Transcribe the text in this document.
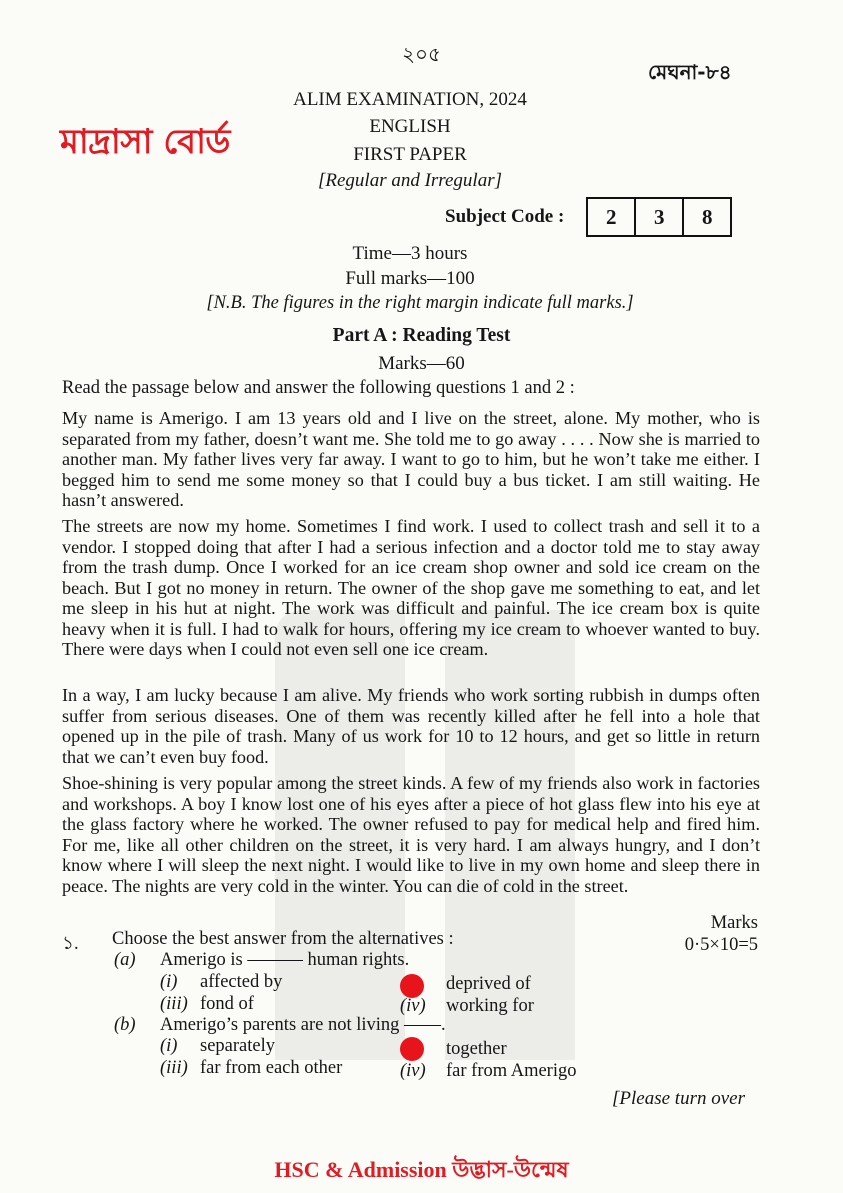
২০৫
মেঘনা-৮৪
মাদ্রাসা বোর্ড
ALIM EXAMINATION, 2024
ENGLISH
FIRST PAPER
[Regular and Irregular]
Subject Code :	2	3	8
Time—3 hours
Full marks—100
[N.B. The figures in the right margin indicate full marks.]
Part A : Reading Test
Marks—60
Read the passage below and answer the following questions 1 and 2 :

My name is Amerigo. I am 13 years old and I live on the street, alone. My mother, who is separated from my father, doesn’t want me. She told me to go away . . . . Now she is married to another man. My father lives very far away. I want to go to him, but he won’t take me either. I begged him to send me some money so that I could buy a bus ticket. I am still waiting. He hasn’t answered.

The streets are now my home. Sometimes I find work. I used to collect trash and sell it to a vendor. I stopped doing that after I had a serious infection and a doctor told me to stay away from the trash dump. Once I worked for an ice cream shop owner and sold ice cream on the beach. But I got no money in return. The owner of the shop gave me something to eat, and let me sleep in his hut at night. The work was difficult and painful. The ice cream box is quite heavy when it is full. I had to walk for hours, offering my ice cream to whoever wanted to buy. There were days when I could not even sell one ice cream.

In a way, I am lucky because I am alive. My friends who work sorting rubbish in dumps often suffer from serious diseases. One of them was recently killed after he fell into a hole that opened up in the pile of trash. Many of us work for 10 to 12 hours, and get so little in return that we can’t even buy food.

Shoe-shining is very popular among the street kinds. A few of my friends also work in factories and workshops. A boy I know lost one of his eyes after a piece of hot glass flew into his eye at the glass factory where he worked. The owner refused to pay for medical help and fired him. For me, like all other children on the street, it is very hard. I am always hungry, and I don’t know where I will sleep the next night. I would like to live in my own home and sleep there in peace. The nights are very cold in the winter. You can die of cold in the street.

Marks
0·5×10=5
১. Choose the best answer from the alternatives :
(a) Amerigo is ——— human rights.
(i) affected by	deprived of
(iii) fond of	(iv) working for
(b) Amerigo’s parents are not living ——.
(i) separately	together
(iii) far from each other	(iv) far from Amerigo
[Please turn over
HSC & Admission উদ্ভাস-উন্মেষ
